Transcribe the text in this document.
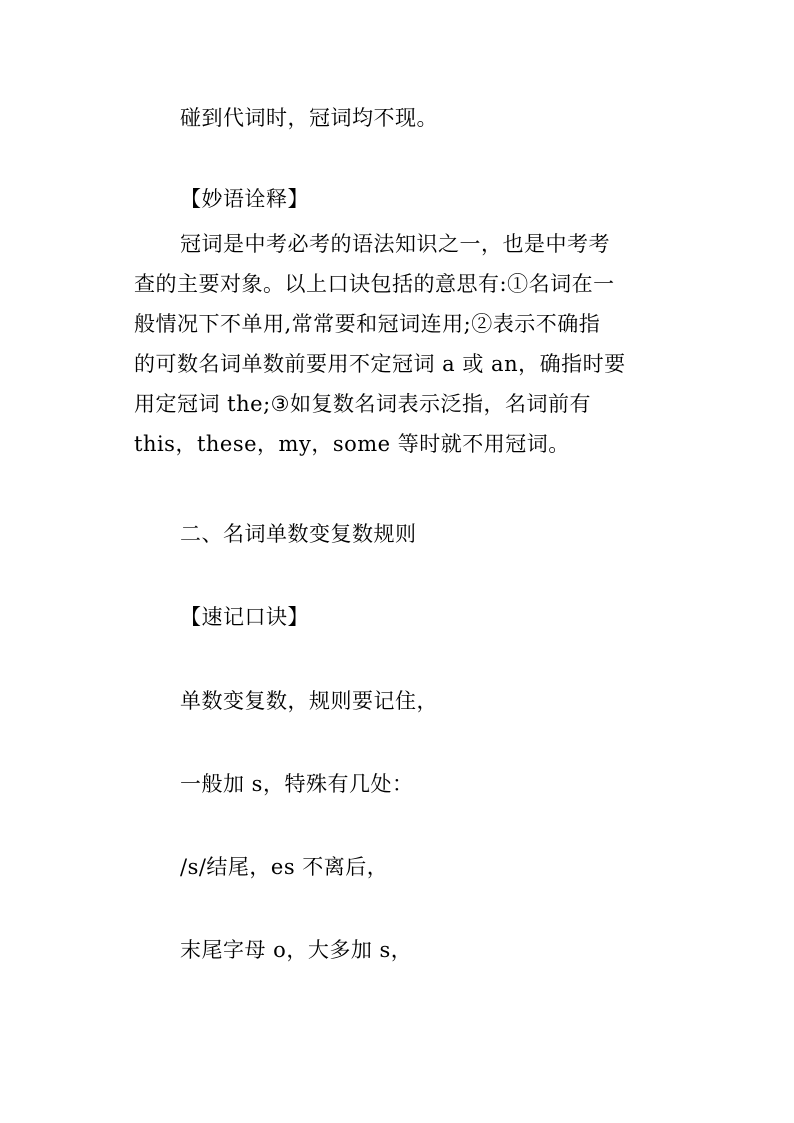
碰到代词时，冠词均不现。
【妙语诠释】
冠词是中考必考的语法知识之一，也是中考考
查的主要对象。以上口诀包括的意思有:①名词在一
般情况下不单用,常常要和冠词连用;②表示不确指
的可数名词单数前要用不定冠词 a 或 an，确指时要
用定冠词 the;③如复数名词表示泛指，名词前有
this，these，my，some 等时就不用冠词。
二、名词单数变复数规则
【速记口诀】
单数变复数，规则要记住，
一般加 s，特殊有几处：
/s/结尾，es 不离后，
末尾字母 o，大多加 s，
